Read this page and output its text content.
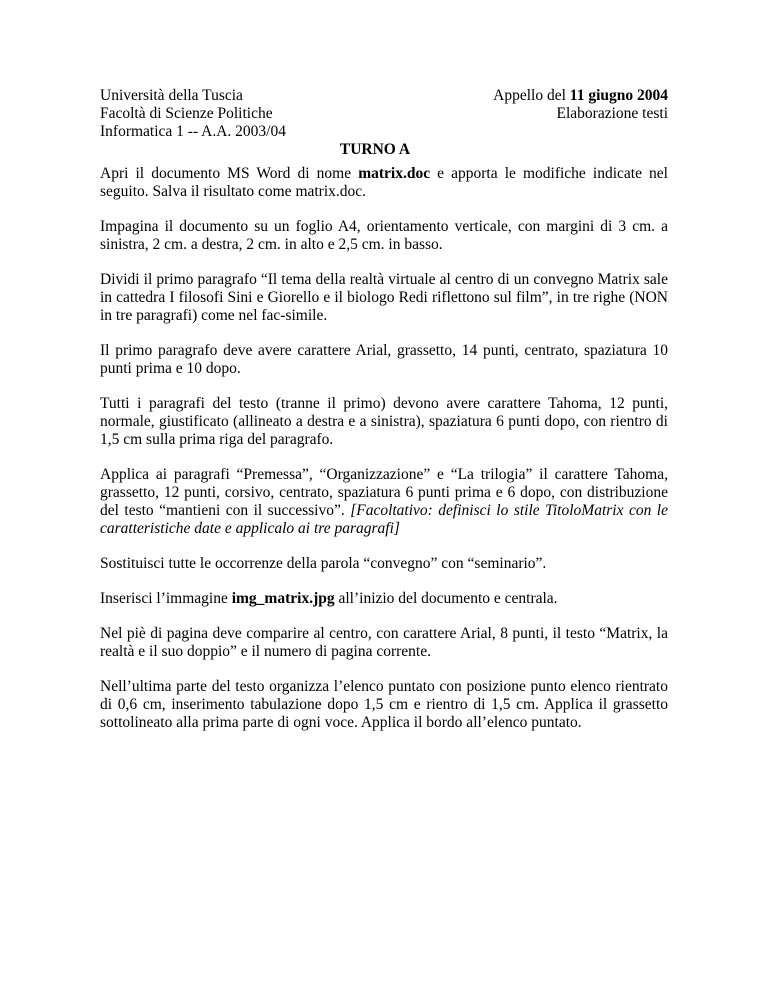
Università della Tuscia
Facoltà di Scienze Politiche
Informatica 1 -- A.A. 2003/04
Appello del 11 giugno 2004
Elaborazione testi
TURNO A

Apri il documento MS Word di nome matrix.doc e apporta le modifiche indicate nel seguito. Salva il risultato come matrix.doc.

Impagina il documento su un foglio A4, orientamento verticale, con margini di 3 cm. a sinistra, 2 cm. a destra, 2 cm. in alto e 2,5 cm. in basso.

Dividi il primo paragrafo “Il tema della realtà virtuale al centro di un convegno Matrix sale in cattedra I filosofi Sini e Giorello e il biologo Redi riflettono sul film”, in tre righe (NON in tre paragrafi) come nel fac-simile.

Il primo paragrafo deve avere carattere Arial, grassetto, 14 punti, centrato, spaziatura 10 punti prima e 10 dopo.

Tutti i paragrafi del testo (tranne il primo) devono avere carattere Tahoma, 12 punti, normale, giustificato (allineato a destra e a sinistra), spaziatura 6 punti dopo, con rientro di 1,5 cm sulla prima riga del paragrafo.

Applica ai paragrafi “Premessa”, “Organizzazione” e “La trilogia” il carattere Tahoma, grassetto, 12 punti, corsivo, centrato, spaziatura 6 punti prima e 6 dopo, con distribuzione del testo “mantieni con il successivo”. [Facoltativo: definisci lo stile TitoloMatrix con le caratteristiche date e applicalo ai tre paragrafi]

Sostituisci tutte le occorrenze della parola “convegno” con “seminario”.

Inserisci l’immagine img_matrix.jpg all’inizio del documento e centrala.

Nel piè di pagina deve comparire al centro, con carattere Arial, 8 punti, il testo “Matrix, la realtà e il suo doppio” e il numero di pagina corrente.

Nell’ultima parte del testo organizza l’elenco puntato con posizione punto elenco rientrato di 0,6 cm, inserimento tabulazione dopo 1,5 cm e rientro di 1,5 cm. Applica il grassetto sottolineato alla prima parte di ogni voce. Applica il bordo all’elenco puntato.
